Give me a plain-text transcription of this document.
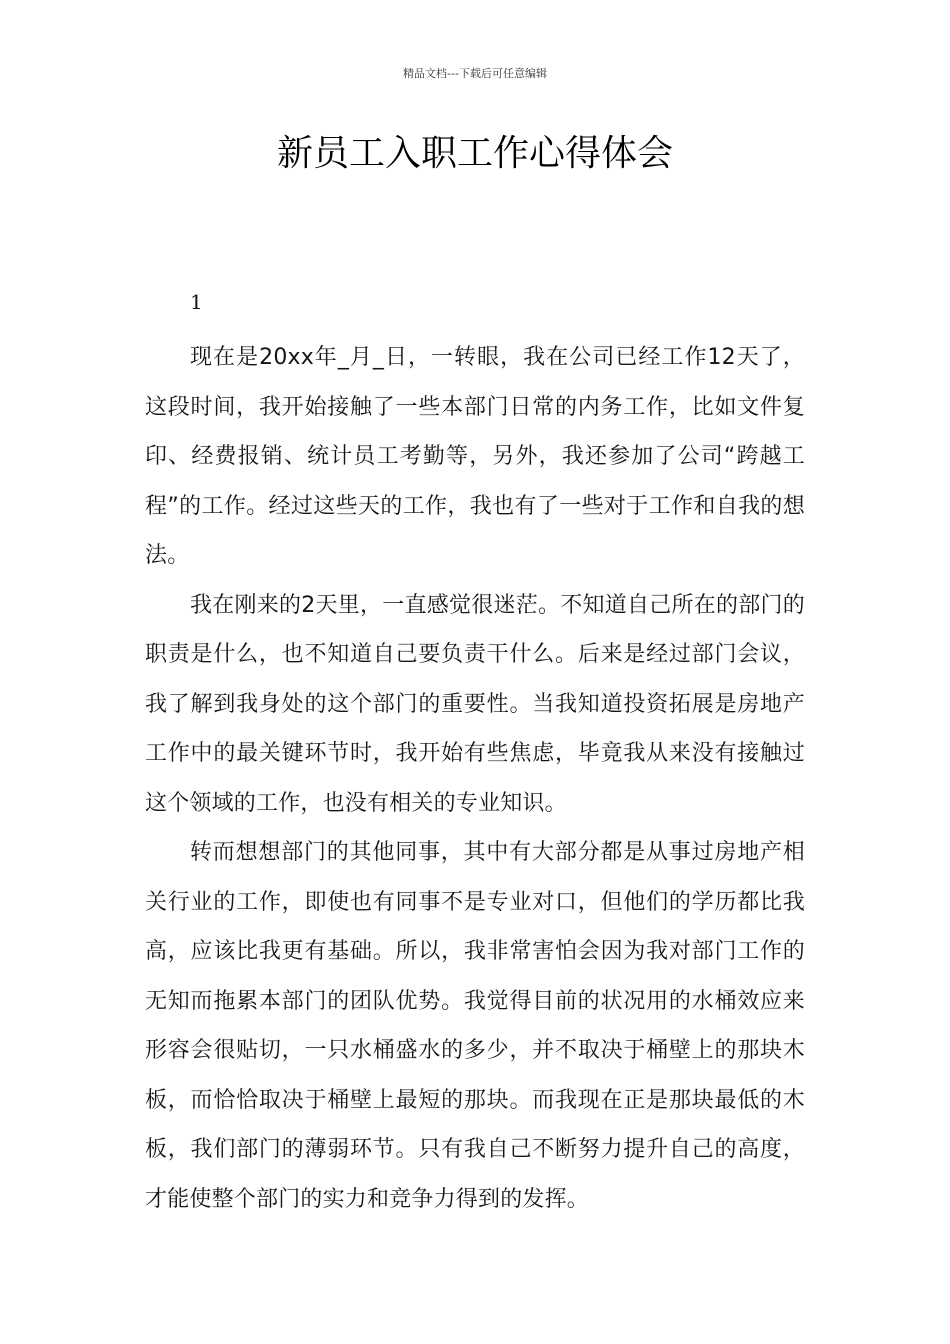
精品文档---下载后可任意编辑
新员工入职工作心得体会
1

现在是20xx年_月_日，一转眼，我在公司已经工作12天了，这段时间，我开始接触了一些本部门日常的内务工作，比如文件复印、经费报销、统计员工考勤等，另外，我还参加了公司“跨越工程”的工作。经过这些天的工作，我也有了一些对于工作和自我的想法。

我在刚来的2天里，一直感觉很迷茫。不知道自己所在的部门的职责是什么，也不知道自己要负责干什么。后来是经过部门会议，我了解到我身处的这个部门的重要性。当我知道投资拓展是房地产工作中的最关键环节时，我开始有些焦虑，毕竟我从来没有接触过这个领域的工作，也没有相关的专业知识。

转而想想部门的其他同事，其中有大部分都是从事过房地产相关行业的工作，即使也有同事不是专业对口，但他们的学历都比我高，应该比我更有基础。所以，我非常害怕会因为我对部门工作的无知而拖累本部门的团队优势。我觉得目前的状况用的水桶效应来形容会很贴切，一只水桶盛水的多少，并不取决于桶壁上的那块木板，而恰恰取决于桶壁上最短的那块。而我现在正是那块最低的木板，我们部门的薄弱环节。只有我自己不断努力提升自己的高度，才能使整个部门的实力和竞争力得到的发挥。
